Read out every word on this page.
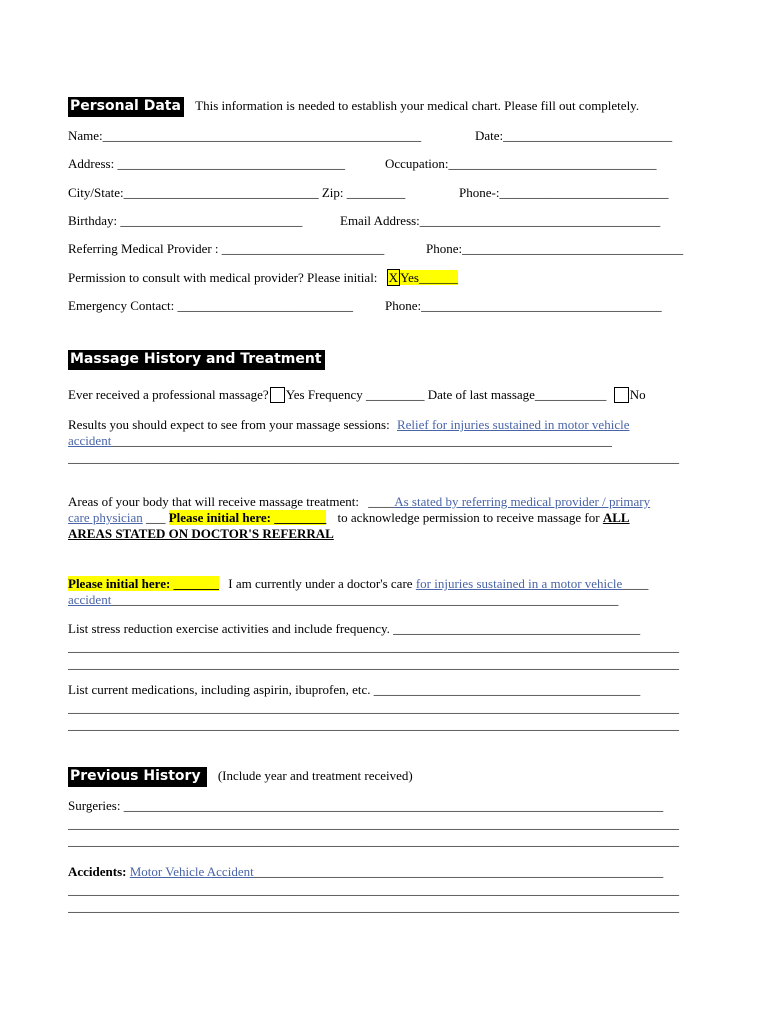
Personal Data This information is needed to establish your medical chart. Please fill out completely.
Name:_________________________________________________	Date:__________________________
Address: ___________________________________	Occupation:________________________________
City/State:______________________________ Zip: _________	Phone-:__________________________
Birthday: ____________________________	Email Address:_____________________________________
Referring Medical Provider : _________________________	Phone:__________________________________
Permission to consult with medical provider? Please initial: X Yes______
Emergency Contact: ___________________________ Phone:_____________________________________
Massage History and Treatment
Ever received a professional massage? Yes Frequency _________ Date of last massage___________ No
Results you should expect to see from your massage sessions: Relief for injuries sustained in motor vehicle
accident_____________________________________________________________________________
______________________________________________________________________________________________
Areas of your body that will receive massage treatment: ____As stated by referring medical provider / primary
care physician ___ Please initial here: ________ to acknowledge permission to receive massage for ALL
AREAS STATED ON DOCTOR'S REFERRAL
Please initial here: _______ I am currently under a doctor's care for injuries sustained in a motor vehicle____
accident______________________________________________________________________________
List stress reduction exercise activities and include frequency. ______________________________________
______________________________________________________________________________________________
______________________________________________________________________________________________
List current medications, including aspirin, ibuprofen, etc. _________________________________________
______________________________________________________________________________________________
______________________________________________________________________________________________
Previous History (Include year and treatment received)
Surgeries: ___________________________________________________________________________________
______________________________________________________________________________________________
______________________________________________________________________________________________
Accidents: Motor Vehicle Accident_______________________________________________________________
______________________________________________________________________________________________
______________________________________________________________________________________________
